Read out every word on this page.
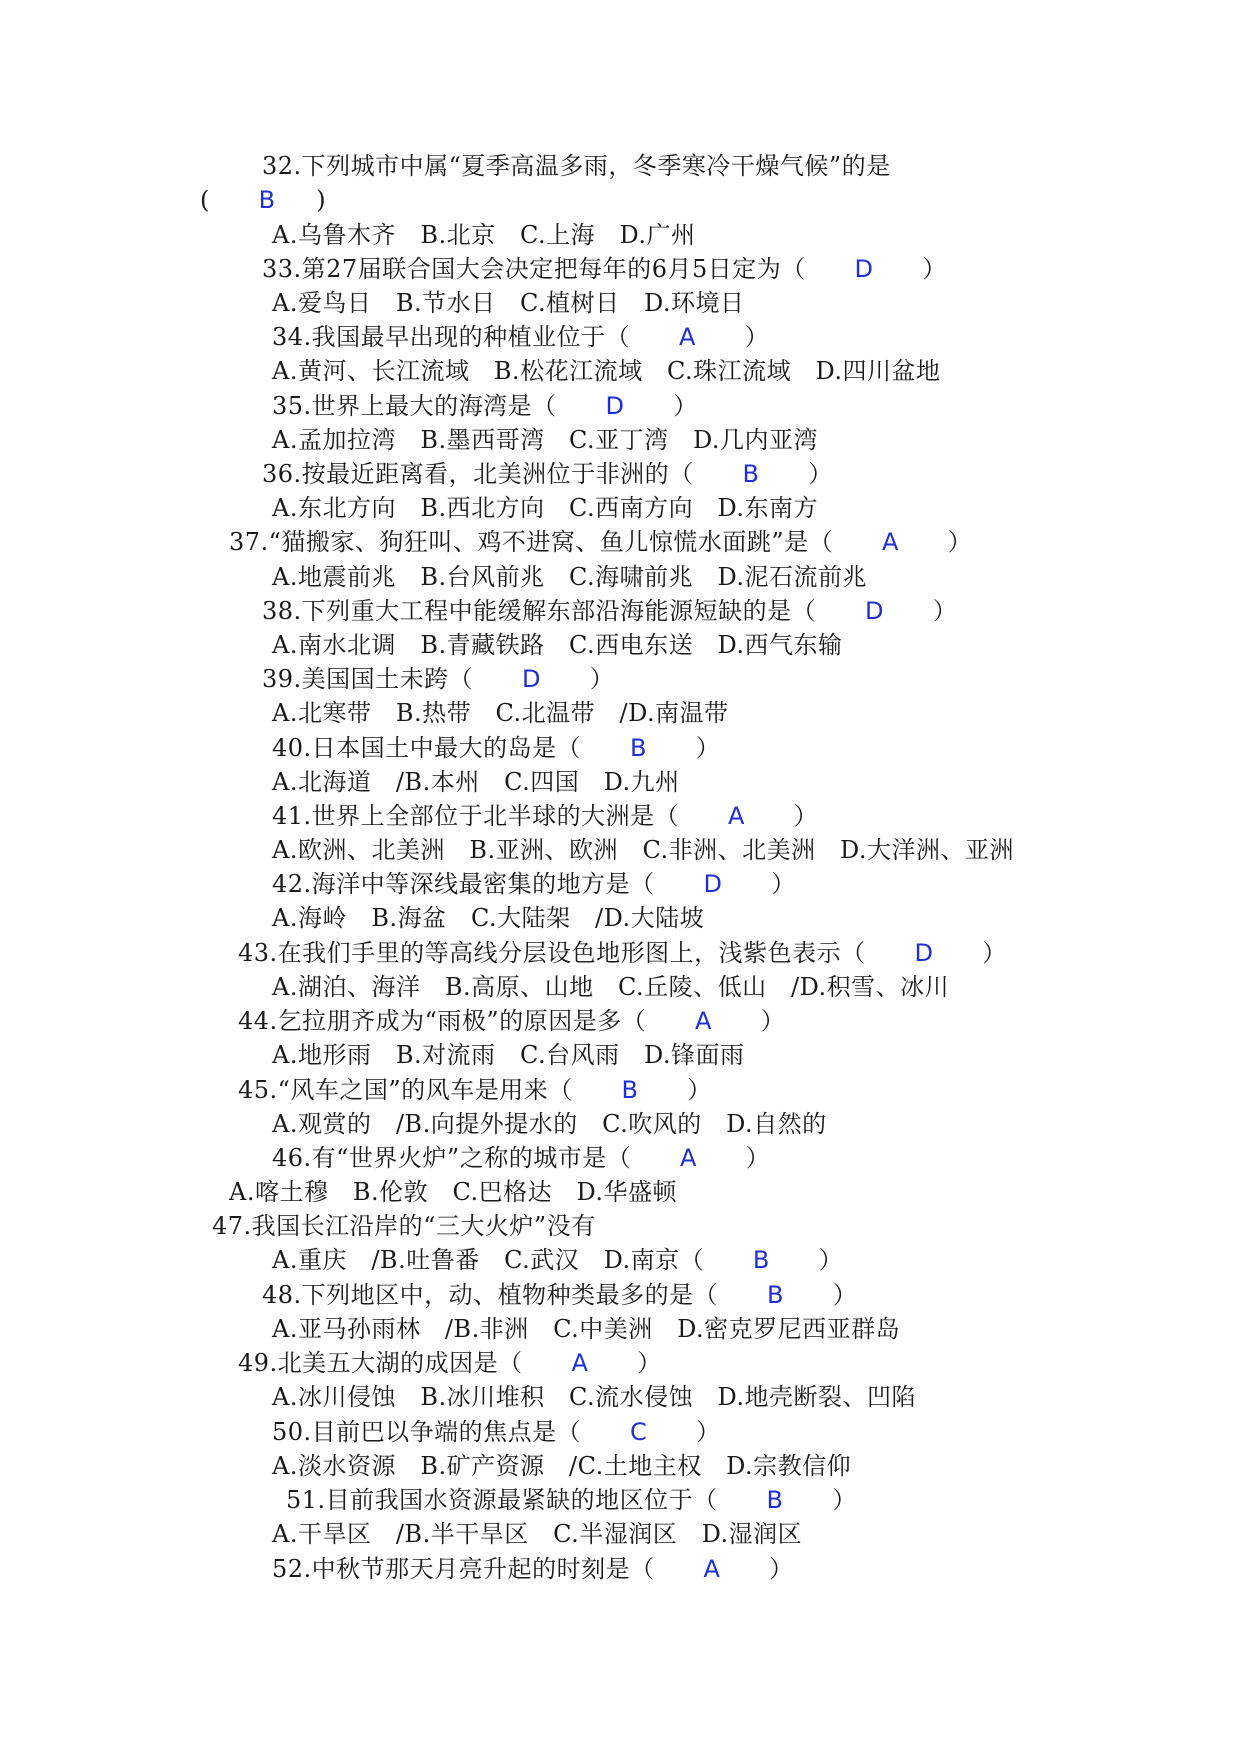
32.下列城市中属“夏季高温多雨，冬季寒冷干燥气候”的是
(      B     )
A.乌鲁木齐   B.北京   C.上海   D.广州
33.第27届联合国大会决定把每年的6月5日定为（      D      ）
A.爱鸟日   B.节水日   C.植树日   D.环境日
34.我国最早出现的种植业位于（      A      ）
A.黄河、长江流域   B.松花江流域   C.珠江流域   D.四川盆地
35.世界上最大的海湾是（      D      ）
A.孟加拉湾   B.墨西哥湾   C.亚丁湾   D.几内亚湾
36.按最近距离看，北美洲位于非洲的（      B      ）
A.东北方向   B.西北方向   C.西南方向   D.东南方
37.“猫搬家、狗狂叫、鸡不进窝、鱼儿惊慌水面跳”是（      A      ）
A.地震前兆   B.台风前兆   C.海啸前兆   D.泥石流前兆
38.下列重大工程中能缓解东部沿海能源短缺的是（      D      ）
A.南水北调   B.青藏铁路   C.西电东送   D.西气东输
39.美国国土未跨（      D      ）
A.北寒带   B.热带   C.北温带   /D.南温带
40.日本国土中最大的岛是（      B      ）
A.北海道   /B.本州   C.四国   D.九州
41.世界上全部位于北半球的大洲是（      A      ）
A.欧洲、北美洲   B.亚洲、欧洲   C.非洲、北美洲   D.大洋洲、亚洲
42.海洋中等深线最密集的地方是（      D      ）
A.海岭   B.海盆   C.大陆架   /D.大陆坡
43.在我们手里的等高线分层设色地形图上，浅紫色表示（      D      ）
A.湖泊、海洋   B.高原、山地   C.丘陵、低山   /D.积雪、冰川
44.乞拉朋齐成为“雨极”的原因是多（      A      ）
A.地形雨   B.对流雨   C.台风雨   D.锋面雨
45.“风车之国”的风车是用来（      B      ）
A.观赏的   /B.向提外提水的   C.吹风的   D.自然的
46.有“世界火炉”之称的城市是（      A      ）
A.喀土穆   B.伦敦   C.巴格达   D.华盛顿
47.我国长江沿岸的“三大火炉”没有
A.重庆   /B.吐鲁番   C.武汉   D.南京（      B      ）
48.下列地区中，动、植物种类最多的是（      B      ）
A.亚马孙雨林   /B.非洲   C.中美洲   D.密克罗尼西亚群岛
49.北美五大湖的成因是（      A      ）
A.冰川侵蚀   B.冰川堆积   C.流水侵蚀   D.地壳断裂、凹陷
50.目前巴以争端的焦点是（      C      ）
A.淡水资源   B.矿产资源   /C.土地主权   D.宗教信仰
51.目前我国水资源最紧缺的地区位于（      B      ）
A.干旱区   /B.半干旱区   C.半湿润区   D.湿润区
52.中秋节那天月亮升起的时刻是（      A      ）
